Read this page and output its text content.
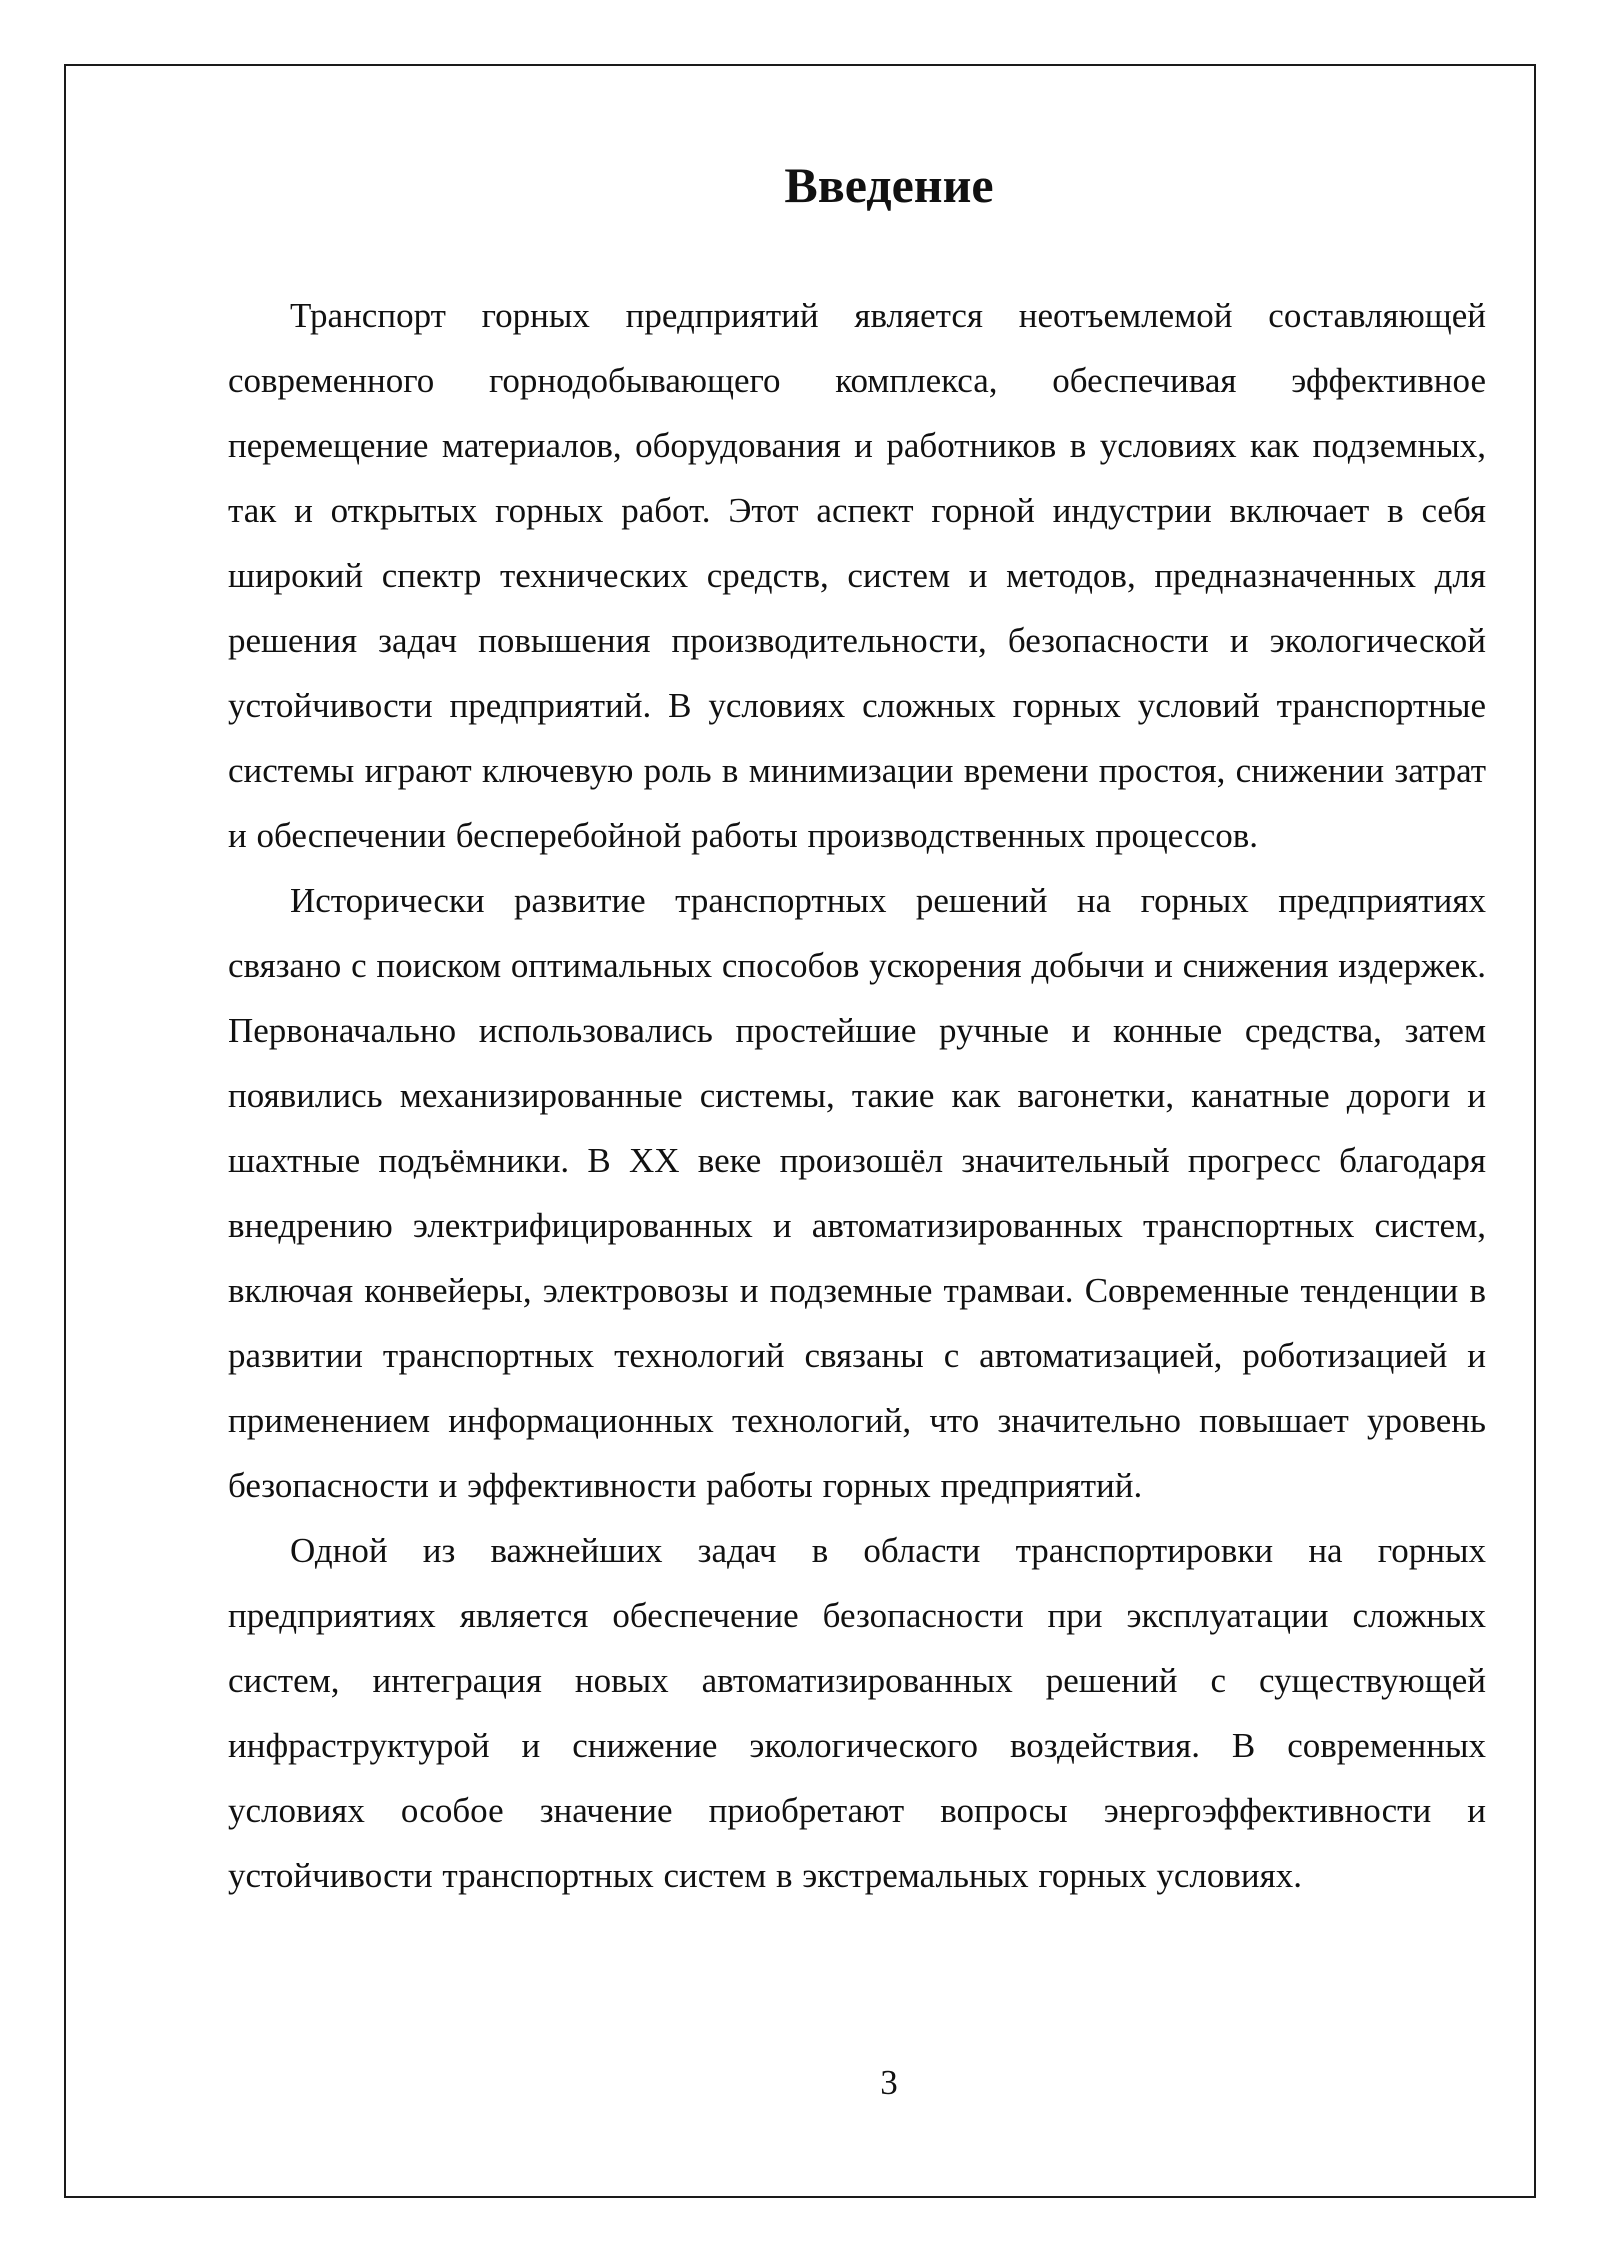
Введение

Транспорт горных предприятий является неотъемлемой составляющей современного горнодобывающего комплекса, обеспечивая эффективное перемещение материалов, оборудования и работников в условиях как подземных, так и открытых горных работ. Этот аспект горной индустрии включает в себя широкий спектр технических средств, систем и методов, предназначенных для решения задач повышения производительности, безопасности и экологической устойчивости предприятий. В условиях сложных горных условий транспортные системы играют ключевую роль в минимизации времени простоя, снижении затрат и обеспечении бесперебойной работы производственных процессов.

Исторически развитие транспортных решений на горных предприятиях связано с поиском оптимальных способов ускорения добычи и снижения издержек. Первоначально использовались простейшие ручные и конные средства, затем появились механизированные системы, такие как вагонетки, канатные дороги и шахтные подъёмники. В XX веке произошёл значительный прогресс благодаря внедрению электрифицированных и автоматизированных транспортных систем, включая конвейеры, электровозы и подземные трамваи. Современные тенденции в развитии транспортных технологий связаны с автоматизацией, роботизацией и применением информационных технологий, что значительно повышает уровень безопасности и эффективности работы горных предприятий.

Одной из важнейших задач в области транспортировки на горных предприятиях является обеспечение безопасности при эксплуатации сложных систем, интеграция новых автоматизированных решений с существующей инфраструктурой и снижение экологического воздействия. В современных условиях особое значение приобретают вопросы энергоэффективности и устойчивости транспортных систем в экстремальных горных условиях.

3
